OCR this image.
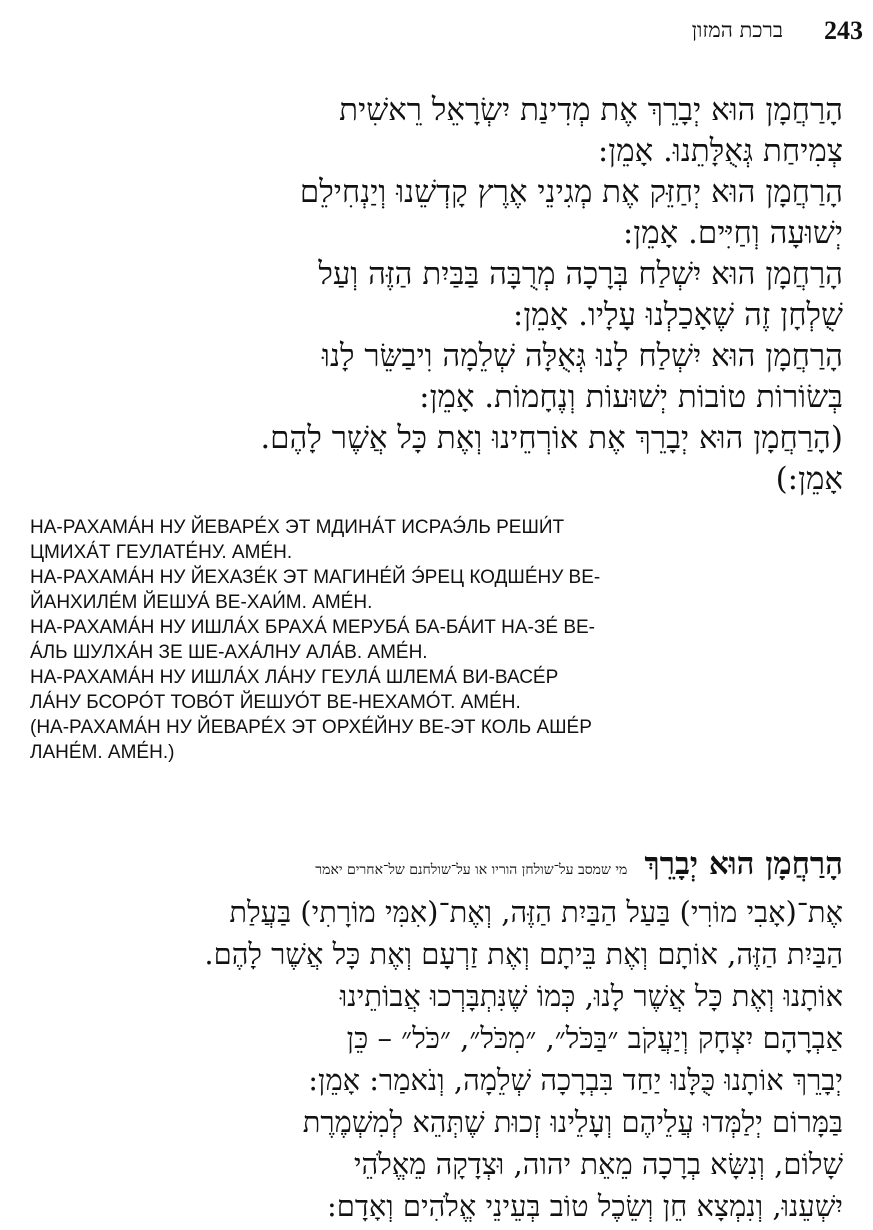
ברכת המזון 243
הָרַחֲמָן הוּא יְבָרֵךְ אֶת מְדִינַת יִשְׂרָאֵל רֵאשִׁית
צְמִיחַת גְּאֻלָּתֵנוּ. אָמֵן:
הָרַחֲמָן הוּא יְחַזֵּק אֶת מְגִינֵי אֶרֶץ קָדְשֵׁנוּ וְיַנְחִילֵם
יְשׁוּעָה וְחַיִּים. אָמֵן:
הָרַחֲמָן הוּא יִשְׁלַח בְּרָכָה מְרֻבָּה בַּבַּיִת הַזֶּה וְעַל
שֻׁלְחָן זֶה שֶׁאָכַלְנוּ עָלָיו. אָמֵן:
הָרַחֲמָן הוּא יִשְׁלַח לָנוּ גְּאֻלָּה שְׁלֵמָה וִיבַשֵּׂר לָנוּ
בְּשׂוֹרוֹת טוֹבוֹת יְשׁוּעוֹת וְנֶחָמוֹת. אָמֵן:
(הָרַחֲמָן הוּא יְבָרֵךְ אֶת אוֹרְחֵינוּ וְאֶת כָּל אֲשֶׁר לָהֶם.
אָמֵן:)
HА-РАХАМА́Н HУ ЙЕВАРЕ́Х ЭТ МДИНА́Т ИСРАЭ́ЛЬ РЕШИ́Т
ЦМИХА́Т ГЕУЛАТЕ́НУ. АМЕ́Н.
HА-РАХАМА́Н HУ ЙЕХАЗЕ́К ЭТ МАГИНЕ́Й Э́РЕЦ КОДШЕ́НУ ВЕ-
ЙАНХИЛЕ́М ЙЕШУА́ ВЕ-ХАИ́М. АМЕ́Н.
HА-РАХАМА́Н HУ ИШЛА́Х БРАХА́ МЕРУБА́ БА-БА́ИТ HА-ЗЕ́ ВЕ-
А́ЛЬ ШУЛХА́Н ЗЕ ШЕ-АХА́ЛНУ АЛА́В. АМЕ́Н.
HА-РАХАМА́Н HУ ИШЛА́Х ЛА́НУ ГЕУЛА́ ШЛЕМА́ ВИ-ВАСЕ́Р
ЛА́НУ БСОРО́Т ТОВО́Т ЙЕШУО́Т ВЕ-НЕХАМО́Т. АМЕ́Н.
(HА-РАХАМА́Н HУ ЙЕВАРЕ́Х ЭТ ОРХЕ́ЙНУ ВЕ-ЭТ КОЛЬ АШЕ́Р
ЛАHЕ́М. АМЕ́Н.)
הָרַחֲמָן הוּא יְבָרֵךְ מי שמסב על־שולחן הוריו או על־שולחנם של־אחרים יאמר
אֶת־(אָבִי מוֹרִי) בַּעַל הַבַּיִת הַזֶּה, וְאֶת־(אִמִּי מוֹרָתִי) בַּעֲלַת
הַבַּיִת הַזֶּה, אוֹתָם וְאֶת בֵּיתָם וְאֶת זַרְעָם וְאֶת כָּל אֲשֶׁר לָהֶם.
אוֹתָנוּ וְאֶת כָּל אֲשֶׁר לָנוּ, כְּמוֹ שֶׁנִּתְבָּרְכוּ אֲבוֹתֵינוּ
אַבְרָהָם יִצְחָק וְיַעֲקֹב ״בַּכֹּל״, ״מִכֹּל״, ״כֹּל״ – כֵּן
יְבָרֵךְ אוֹתָנוּ כֻּלָּנוּ יַחַד בִּבְרָכָה שְׁלֵמָה, וְנֹאמַר: אָמֵן:
בַּמָּרוֹם יְלַמְּדוּ עֲלֵיהֶם וְעָלֵינוּ זְכוּת שֶׁתְּהֵא לְמִשְׁמֶרֶת
שָׁלוֹם, וְנִשָּׂא בְרָכָה מֵאֵת יהוה, וּצְדָקָה מֵאֱלֹהֵי
יִשְׁעֵנוּ, וְנִמְצָא חֵן וְשֵׂכֶל טוֹב בְּעֵינֵי אֱלֹהִים וְאָדָם:
